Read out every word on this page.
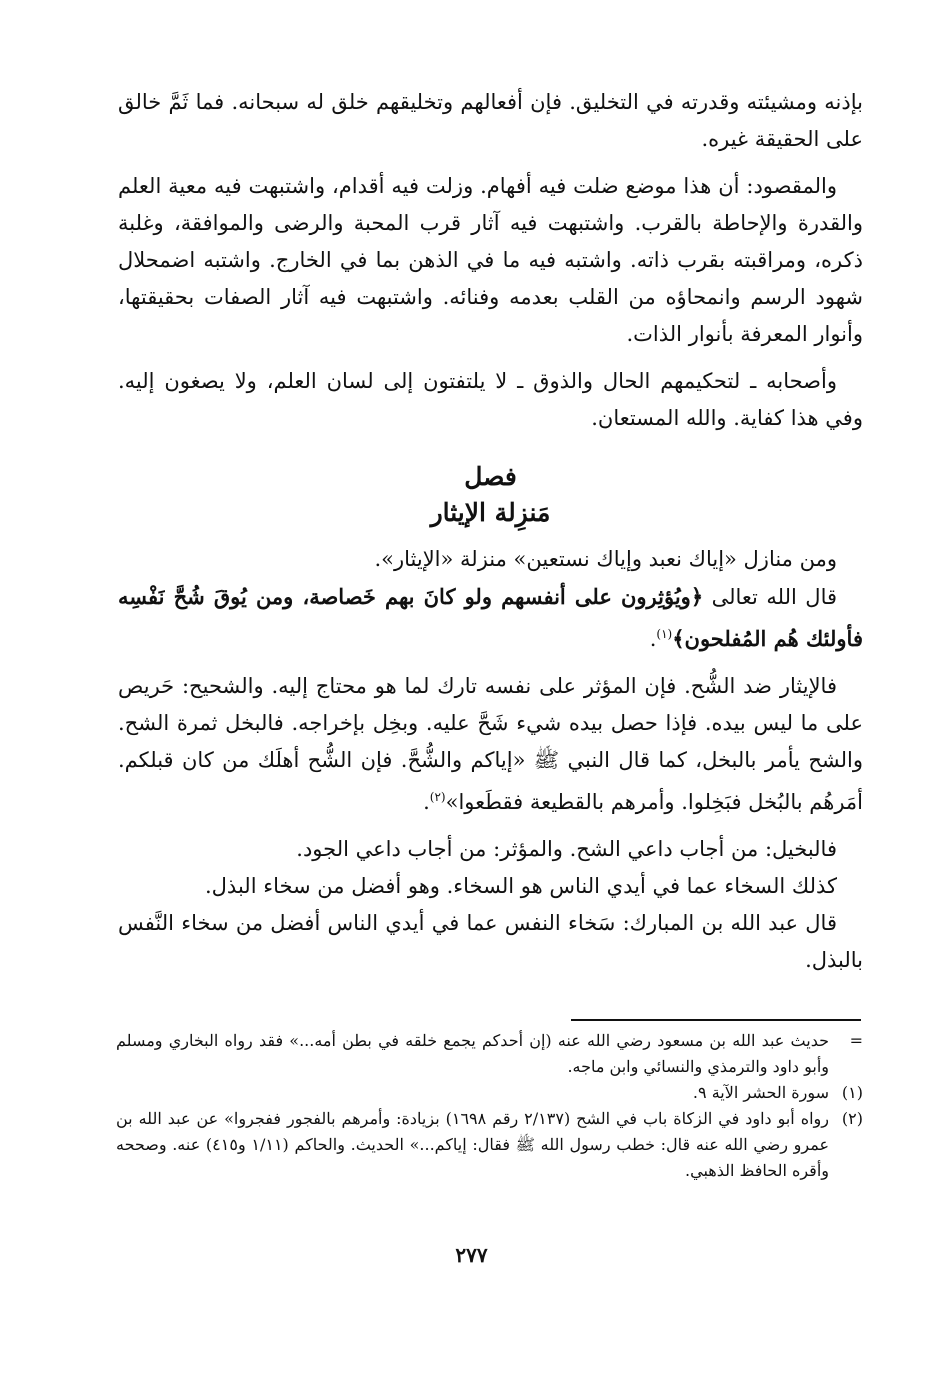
بإذنه ومشيئته وقدرته في التخليق. فإن أفعالهم وتخليقهم خلق له سبحانه. فما ثَمَّ خالق على الحقيقة غيره.

والمقصود: أن هذا موضع ضلت فيه أفهام. وزلت فيه أقدام، واشتبهت فيه معية العلم والقدرة والإحاطة بالقرب. واشتبهت فيه آثار قرب المحبة والرضى والموافقة، وغلبة ذكره، ومراقبته بقرب ذاته. واشتبه فيه ما في الذهن بما في الخارج. واشتبه اضمحلال شهود الرسم وانمحاؤه من القلب بعدمه وفنائه. واشتبهت فيه آثار الصفات بحقيقتها، وأنوار المعرفة بأنوار الذات.

وأصحابه ـ لتحكيمهم الحال والذوق ـ لا يلتفتون إلى لسان العلم، ولا يصغون إليه. وفي هذا كفاية. والله المستعان.

فصل

مَنزِلة الإيثار

ومن منازل «إياك نعبد وإياك نستعين» منزلة «الإيثار».

قال الله تعالى ﴿ويُؤثِرون على أنفسهم ولو كانَ بهم خَصاصة، ومن يُوقَ شُحَّ نَفْسِه فأولئك هُم المُفلحون﴾$^{(١)}$.

فالإيثار ضد الشُّح. فإن المؤثر على نفسه تارك لما هو محتاج إليه. والشحيح: حَريص على ما ليس بيده. فإذا حصل بيده شيء شَحَّ عليه. وبخِل بإخراجه. فالبخل ثمرة الشح. والشح يأمر بالبخل، كما قال النبي ﷺ «إياكم والشُّحَّ. فإن الشُّح أهلَك من كان قبلكم. أمَرهُم بالبُخل فبَخِلوا. وأمرهم بالقطيعة فقطَعوا»$^{(٢)}$.

فالبخيل: من أجاب داعي الشح. والمؤثر: من أجاب داعي الجود.

كذلك السخاء عما في أيدي الناس هو السخاء. وهو أفضل من سخاء البذل.

قال عبد الله بن المبارك: سَخاء النفس عما في أيدي الناس أفضل من سخاء النَّفس بالبذل.

=
حديث عبد الله بن مسعود رضي الله عنه (إن أحدكم يجمع خلقه في بطن أمه...» فقد رواه البخاري ومسلم وأبو داود والترمذي والنسائي وابن ماجه.

(١)
سورة الحشر الآية ٩.

(٢)
رواه أبو داود في الزكاة باب في الشح (٢/١٣٧ رقم ١٦٩٨) بزيادة: وأمرهم بالفجور ففجروا» عن عبد الله بن عمرو رضي الله عنه قال: خطب رسول الله ﷺ فقال: إياكم...» الحديث. والحاكم (١/١١ و٤١٥) عنه. وصححه وأقره الحافظ الذهبي.

٢٧٧
